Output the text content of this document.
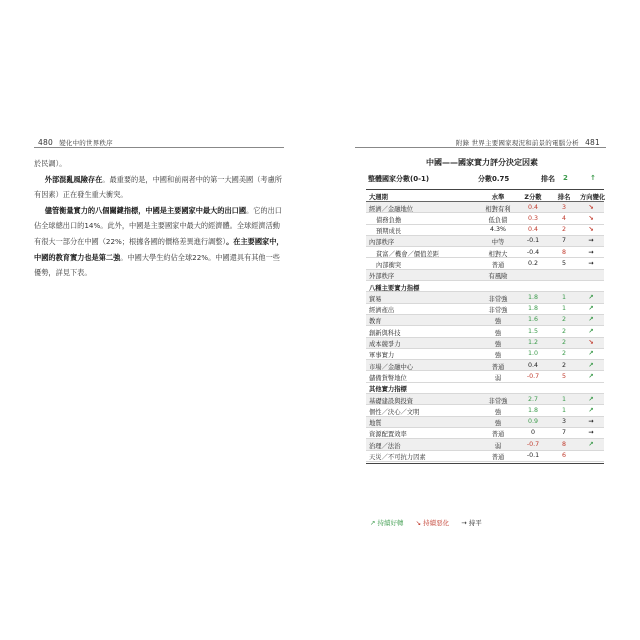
480 變化中的世界秩序	附錄 世界主要國家現況和前景的電腦分析 481

於民調）。

  外部混亂風險存在。最重要的是，中國和前兩者中的第一大國美國（考慮所有因素）正在發生重大衝突。

  儘管衡量實力的八個關鍵指標，中國是主要國家中最大的出口國。它的出口佔全球總出口的14%。此外，中國是主要國家中最大的經濟體。全球經濟活動有很大一部分在中國（22%；根據各國的價格差異進行調整）。在主要國家中，中國的教育實力也是第二強。中國大學生約佔全球22%。中國還具有其他一些優勢，詳見下表。

中國——國家實力評分決定因素
整體國家分數(0-1)	分數0.75	排名 2	↑
大週期	水準	Z分數	排名	方向變化
經濟／金融地位	相對有利	0.4	3	↘
債務負擔	低負債	0.3	4	↘
預期成長	4.3%	0.4	2	↘
內部秩序	中等	-0.1	7	→
貧富／機會／價值差距	相對大	-0.4	8	→
內部衝突	普通	0.2	5	→
外部秩序	有風險
八種主要實力指標
貿易	非常強	1.8	1	↗
經濟產出	非常強	1.8	1	↗
教育	強	1.6	2	↗
創新與科技	強	1.5	2	↗
成本競爭力	強	1.2	2	↘
軍事實力	強	1.0	2	↗
市場／金融中心	普通	0.4	2	↗
儲備貨幣地位	弱	-0.7	5	↗
其他實力指標
基礎建設與投資	非常強	2.7	1	↗
個性／決心／文明	強	1.8	1	↗
地質	強	0.9	3	→
資源配置效率	普通	0	7	→
治理／法治	弱	-0.7	8	↗
天災／不可抗力因素	普通	-0.1	6
↗ 持續好轉 ↘ 持續惡化 → 持平
